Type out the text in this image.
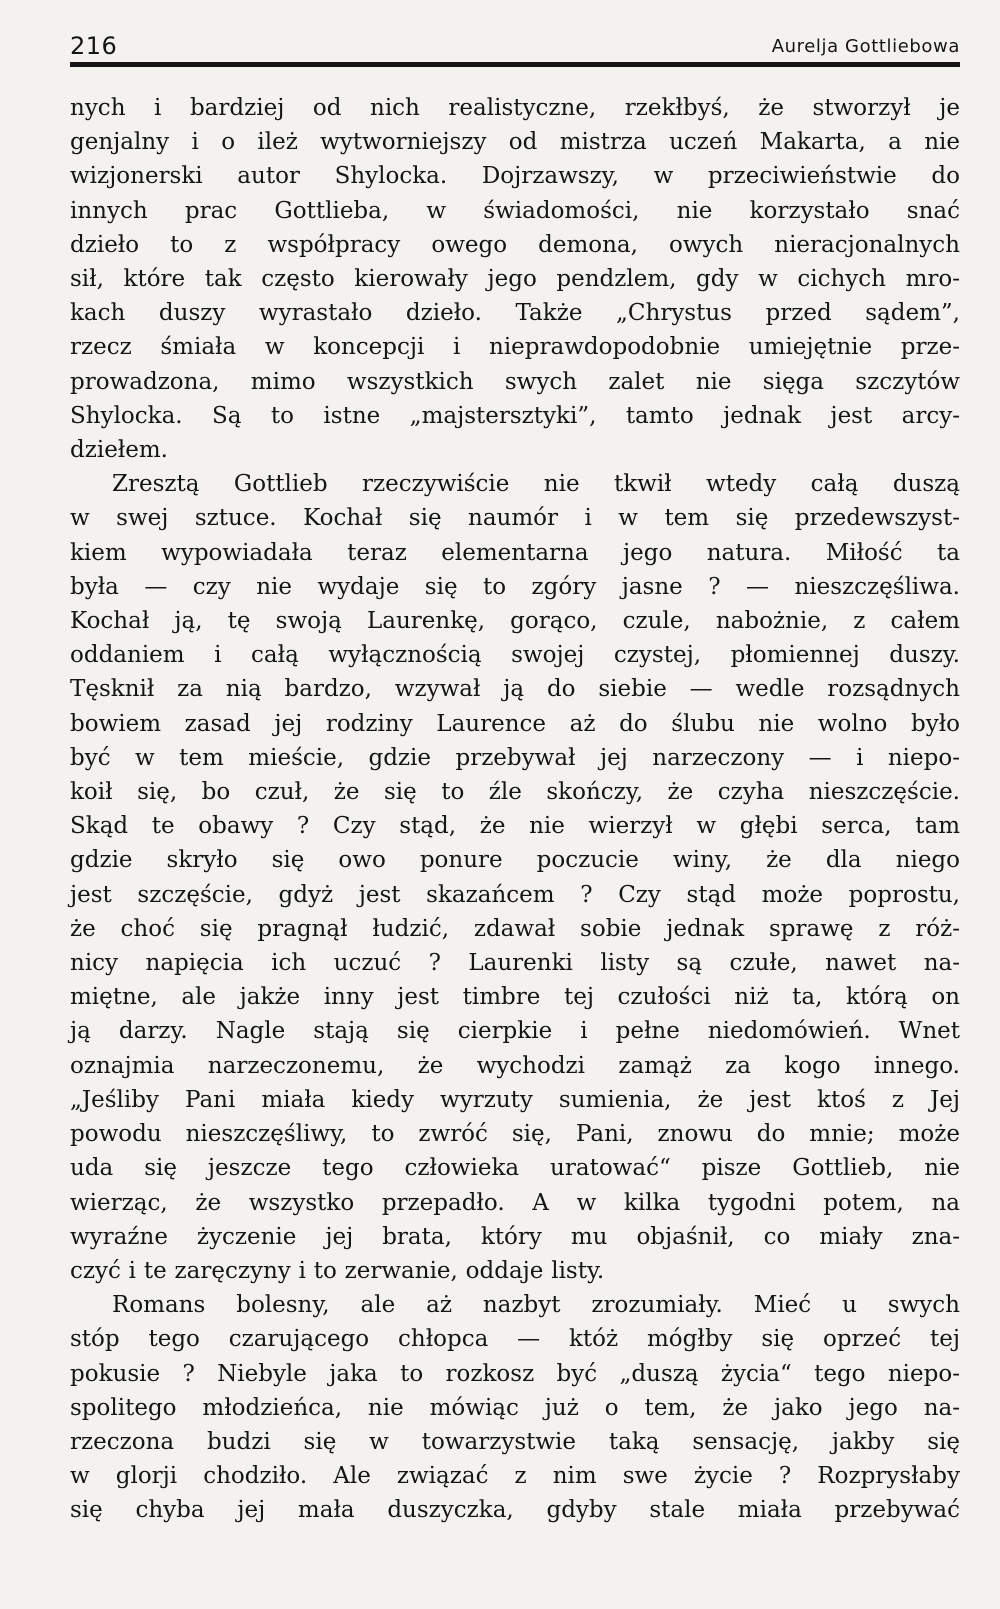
216	Aurelja Gottliebowa

nych i bardziej od nich realistyczne, rzekłbyś, że stworzył je
genjalny i o ileż wytworniejszy od mistrza uczeń Makarta, a nie
wizjonerski autor Shylocka. Dojrzawszy, w przeciwieństwie do
innych prac Gottlieba, w świadomości, nie korzystało snać
dzieło to z współpracy owego demona, owych nieracjonalnych
sił, które tak często kierowały jego pendzlem, gdy w cichych mro-
kach duszy wyrastało dzieło. Także „Chrystus przed sądem”,
rzecz śmiała w koncepcji i nieprawdopodobnie umiejętnie prze-
prowadzona, mimo wszystkich swych zalet nie sięga szczytów
Shylocka. Są to istne „majstersztyki”, tamto jednak jest arcy-
dziełem.

Zresztą Gottlieb rzeczywiście nie tkwił wtedy całą duszą
w swej sztuce. Kochał się naumór i w tem się przedewszyst-
kiem wypowiadała teraz elementarna jego natura. Miłość ta
była — czy nie wydaje się to zgóry jasne ? — nieszczęśliwa.
Kochał ją, tę swoją Laurenkę, gorąco, czule, nabożnie, z całem
oddaniem i całą wyłącznością swojej czystej, płomiennej duszy.
Tęsknił za nią bardzo, wzywał ją do siebie — wedle rozsądnych
bowiem zasad jej rodziny Laurence aż do ślubu nie wolno było
być w tem mieście, gdzie przebywał jej narzeczony — i niepo-
koił się, bo czuł, że się to źle skończy, że czyha nieszczęście.
Skąd te obawy ? Czy stąd, że nie wierzył w głębi serca, tam
gdzie skryło się owo ponure poczucie winy, że dla niego
jest szczęście, gdyż jest skazańcem ? Czy stąd może poprostu,
że choć się pragnął łudzić, zdawał sobie jednak sprawę z róż-
nicy napięcia ich uczuć ? Laurenki listy są czułe, nawet na-
miętne, ale jakże inny jest timbre tej czułości niż ta, którą on
ją darzy. Nagle stają się cierpkie i pełne niedomówień. Wnet
oznajmia narzeczonemu, że wychodzi zamąż za kogo innego.
„Jeśliby Pani miała kiedy wyrzuty sumienia, że jest ktoś z Jej
powodu nieszczęśliwy, to zwróć się, Pani, znowu do mnie; może
uda się jeszcze tego człowieka uratować“ pisze Gottlieb, nie
wierząc, że wszystko przepadło. A w kilka tygodni potem, na
wyraźne życzenie jej brata, który mu objaśnił, co miały zna-
czyć i te zaręczyny i to zerwanie, oddaje listy.

Romans bolesny, ale aż nazbyt zrozumiały. Mieć u swych
stóp tego czarującego chłopca — któż mógłby się oprzeć tej
pokusie ? Niebyle jaka to rozkosz być „duszą życia“ tego niepo-
spolitego młodzieńca, nie mówiąc już o tem, że jako jego na-
rzeczona budzi się w towarzystwie taką sensację, jakby się
w glorji chodziło. Ale związać z nim swe życie ? Rozprysłaby
się chyba jej mała duszyczka, gdyby stale miała przebywać
